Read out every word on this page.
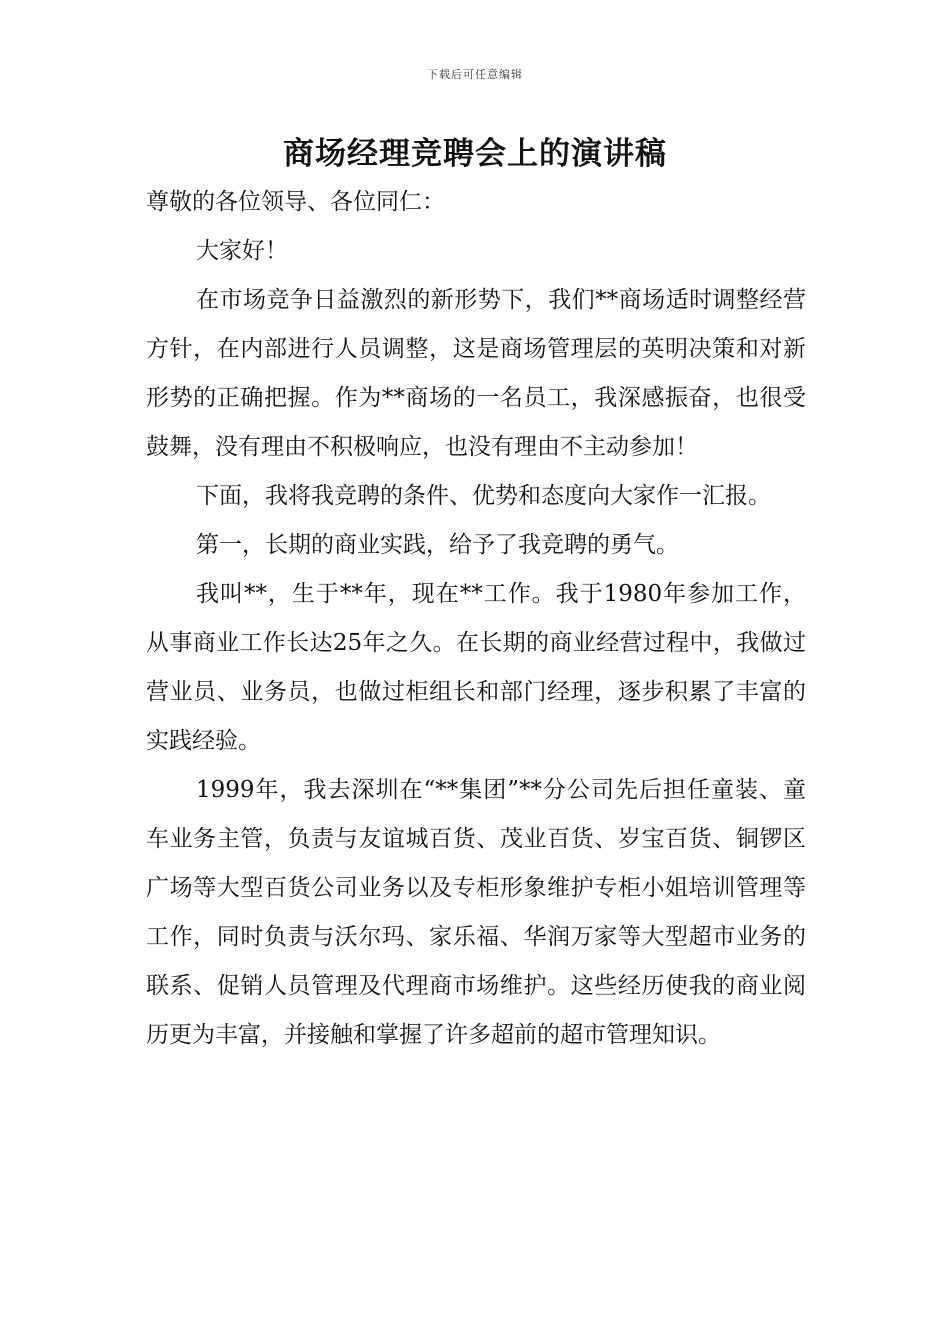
下载后可任意编辑
商场经理竞聘会上的演讲稿

尊敬的各位领导、各位同仁：

大家好！

在市场竞争日益激烈的新形势下，我们**商场适时调整经营方针，在内部进行人员调整，这是商场管理层的英明决策和对新形势的正确把握。作为**商场的一名员工，我深感振奋，也很受鼓舞，没有理由不积极响应，也没有理由不主动参加！

下面，我将我竞聘的条件、优势和态度向大家作一汇报。

第一，长期的商业实践，给予了我竞聘的勇气。

我叫**，生于**年，现在**工作。我于1980年参加工作，从事商业工作长达25年之久。在长期的商业经营过程中，我做过营业员、业务员，也做过柜组长和部门经理，逐步积累了丰富的实践经验。

1999年，我去深圳在“**集团”**分公司先后担任童装、童车业务主管，负责与友谊城百货、茂业百货、岁宝百货、铜锣区广场等大型百货公司业务以及专柜形象维护专柜小姐培训管理等工作，同时负责与沃尔玛、家乐福、华润万家等大型超市业务的联系、促销人员管理及代理商市场维护。这些经历使我的商业阅历更为丰富，并接触和掌握了许多超前的超市管理知识。
